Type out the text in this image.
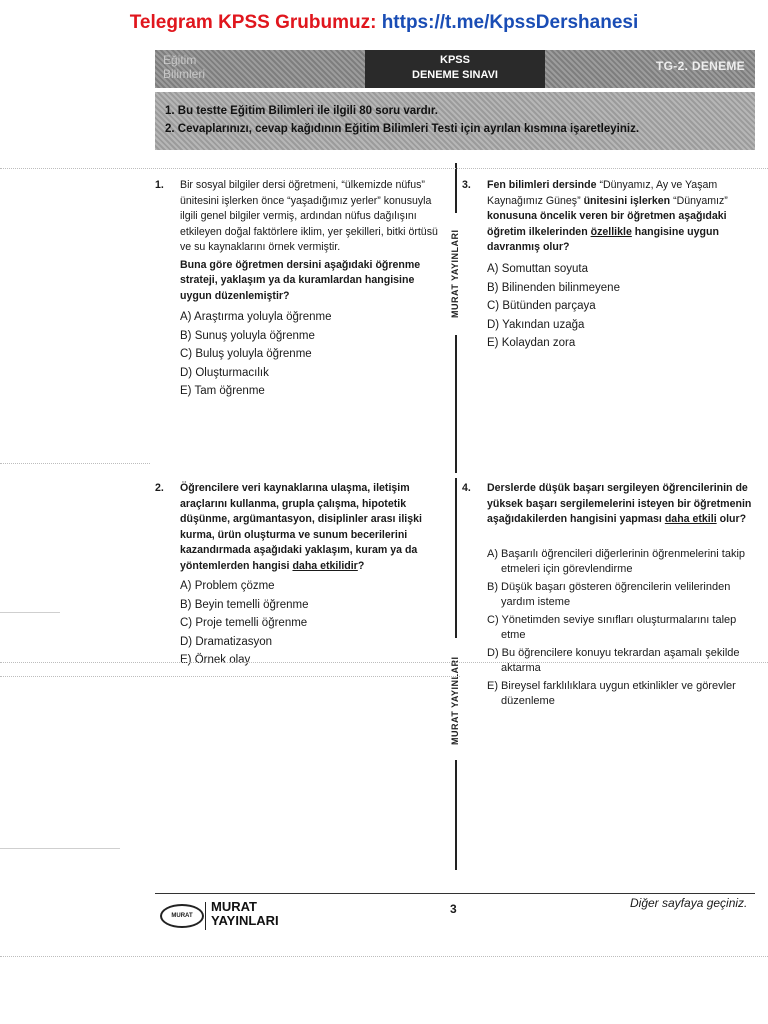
Telegram KPSS Grubumuz: https://t.me/KpssDershanesi
Eğitim
Bilimleri
KPSS
DENEME SINAVI
TG-2. DENEME
1. Bu testte Eğitim Bilimleri ile ilgili 80 soru vardır.
2. Cevaplarınızı, cevap kağıdının Eğitim Bilimleri Testi için ayrılan kısmına işaretleyiniz.
MURAT YAYINLARI
MURAT YAYINLARI
1. Bir sosyal bilgiler dersi öğretmeni, “ülkemizde nüfus” ünitesini işlerken önce “yaşadığımız yerler” konusuyla ilgili genel bilgiler vermiş, ardından nüfus dağılışını etkileyen doğal faktörlere iklim, yer şekilleri, bitki örtüsü ve su kaynaklarını örnek vermiştir.
Buna göre öğretmen dersini aşağıdaki öğrenme strateji, yaklaşım ya da kuramlardan hangisine uygun düzenlemiştir?
A) Araştırma yoluyla öğrenme
B) Sunuş yoluyla öğrenme
C) Buluş yoluyla öğrenme
D) Oluşturmacılık
E) Tam öğrenme
2. Öğrencilere veri kaynaklarına ulaşma, iletişim araçlarını kullanma, grupla çalışma, hipotetik düşünme, argümantasyon, disiplinler arası ilişki kurma, ürün oluşturma ve sunum becerilerini kazandırmada aşağıdaki yaklaşım, kuram ya da yöntemlerden hangisi daha etkilidir?
A) Problem çözme
B) Beyin temelli öğrenme
C) Proje temelli öğrenme
D) Dramatizasyon
E) Örnek olay
3. Fen bilimleri dersinde “Dünyamız, Ay ve Yaşam Kaynağımız Güneş” ünitesini işlerken “Dünyamız” konusuna öncelik veren bir öğretmen aşağıdaki öğretim ilkelerinden özellikle hangisine uygun davranmış olur?
A) Somuttan soyuta
B) Bilinenden bilinmeyene
C) Bütünden parçaya
D) Yakından uzağa
E) Kolaydan zora
4. Derslerde düşük başarı sergileyen öğrencilerinin de yüksek başarı sergilemelerini isteyen bir öğretmenin aşağıdakilerden hangisini yapması daha etkili olur?
A) Başarılı öğrencileri diğerlerinin öğrenmelerini takip etmeleri için görevlendirme
B) Düşük başarı gösteren öğrencilerin velilerinden yardım isteme
C) Yönetimden seviye sınıfları oluşturmalarını talep etme
D) Bu öğrencilere konuyu tekrardan aşamalı şekilde aktarma
E) Bireysel farklılıklara uygun etkinlikler ve görevler düzenleme
MURAT
MURAT
YAYINLARI
3	Diğer sayfaya geçiniz.
